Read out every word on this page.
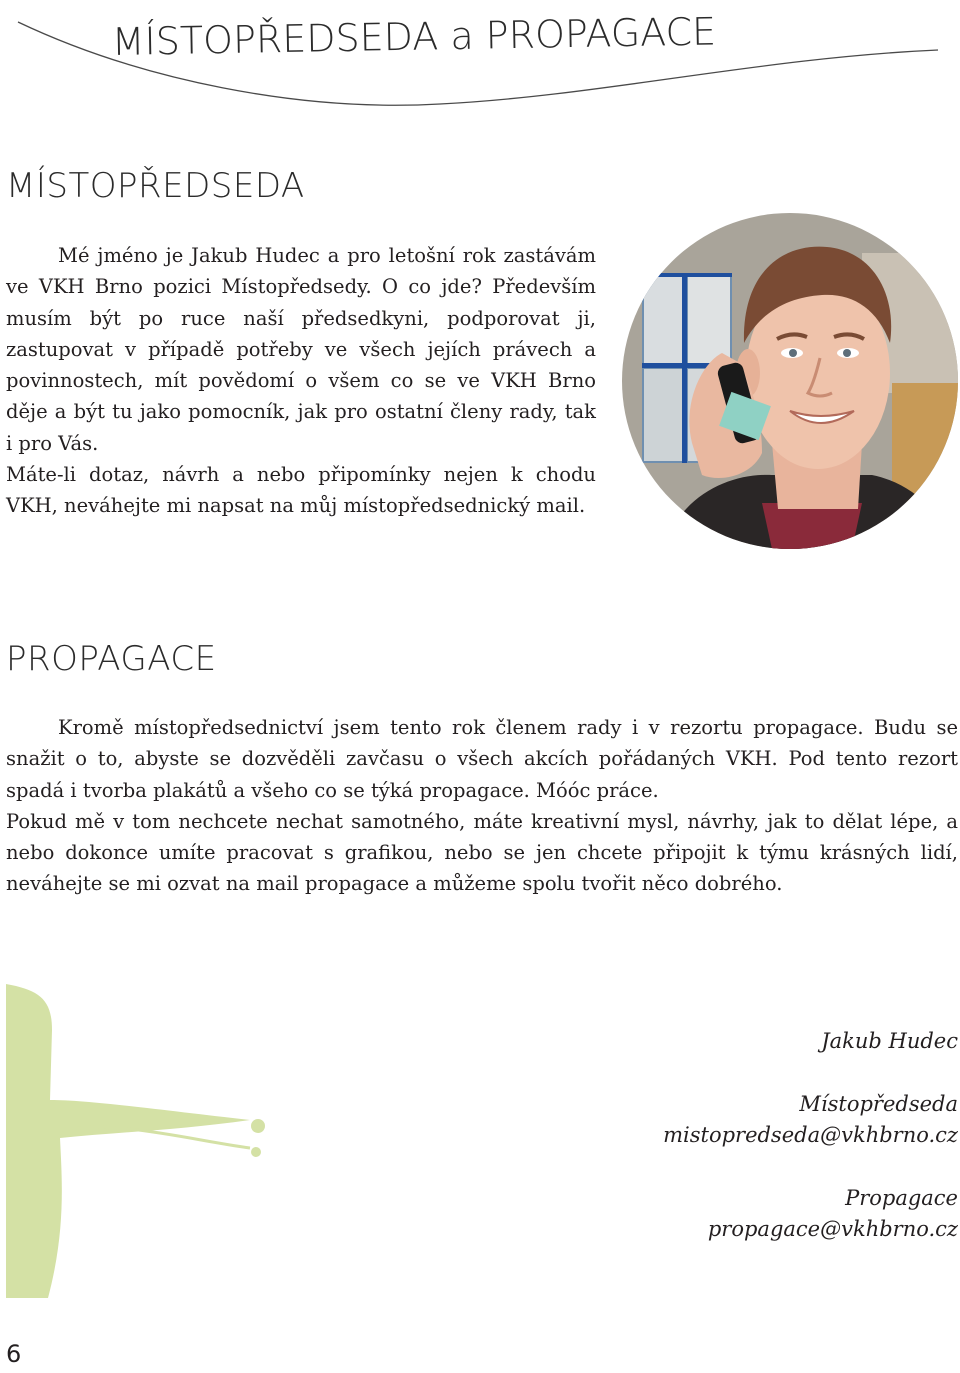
MÍSTOPŘEDSEDA a PROPAGACE
MÍSTOPŘEDSEDA
Mé jméno je Jakub Hudec a pro letošní rok zastávám ve VKH Brno pozici Místopředsedy. O co jde? Především musím být po ruce naší předsedkyni, podporovat ji, zastupovat v případě potřeby ve všech jejích právech a povinnostech, mít povědomí o všem co se ve VKH Brno děje a být tu jako pomocník, jak pro ostatní členy rady, tak i pro Vás.
Máte-li dotaz, návrh a nebo připomínky nejen k chodu VKH, neváhejte mi napsat na můj místopředsednický mail.
PROPAGACE
Kromě místopředsednictví jsem tento rok členem rady i v rezortu propagace. Budu se snažit o to, abyste se dozvěděli zavčasu o všech akcích pořádaných VKH. Pod tento rezort spadá i tvorba plakátů a všeho co se týká propagace. Móóc práce.
Pokud mě v tom nechcete nechat samotného, máte kreativní mysl, návrhy, jak to dělat lépe, a nebo dokonce umíte pracovat s grafikou, nebo se jen chcete připojit k týmu krásných lidí, neváhejte se mi ozvat na mail propagace a můžeme spolu tvořit něco dobrého.
Jakub Hudec
Místopředseda
mistopredseda@vkhbrno.cz
Propagace
propagace@vkhbrno.cz
6
